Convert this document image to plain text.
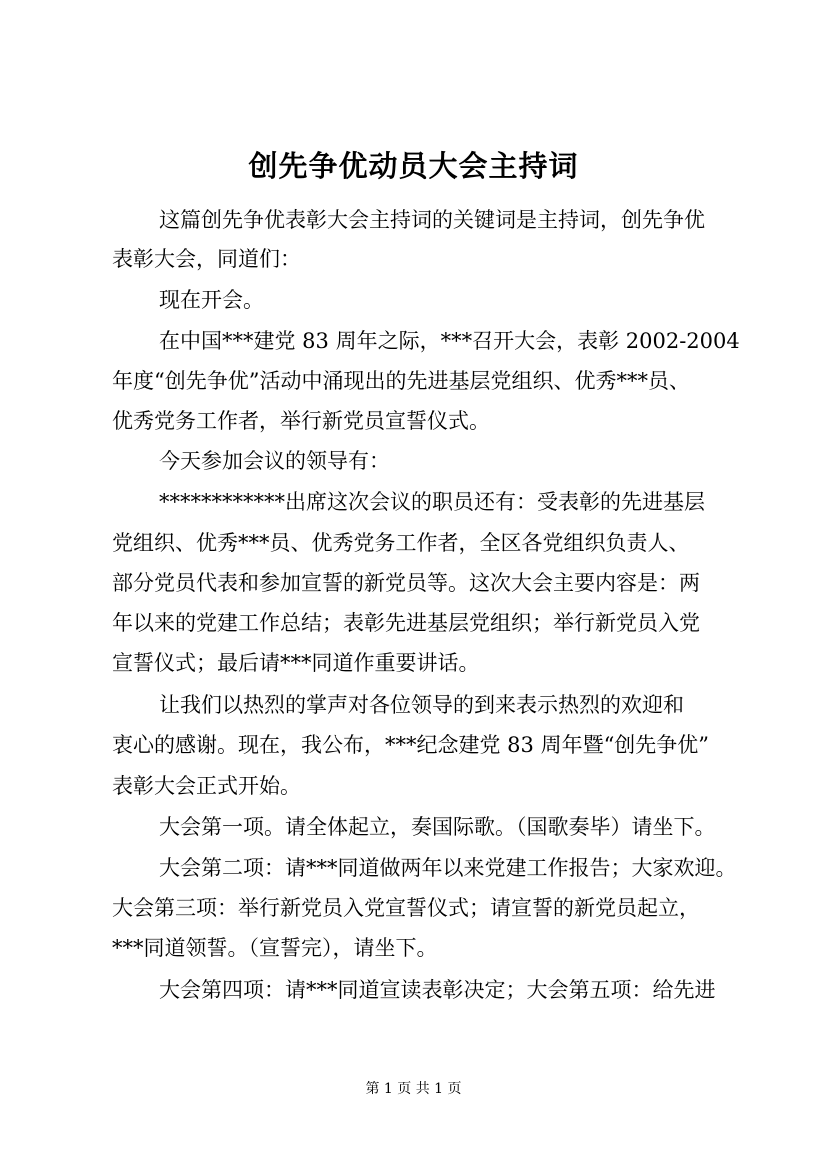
创先争优动员大会主持词
这篇创先争优表彰大会主持词的关键词是主持词，创先争优
表彰大会，同道们：
现在开会。
在中国***建党 83 周年之际，***召开大会，表彰 2002-2004
年度“创先争优”活动中涌现出的先进基层党组织、优秀***员、
优秀党务工作者，举行新党员宣誓仪式。
今天参加会议的领导有：
************出席这次会议的职员还有：受表彰的先进基层
党组织、优秀***员、优秀党务工作者，全区各党组织负责人、
部分党员代表和参加宣誓的新党员等。这次大会主要内容是：两
年以来的党建工作总结；表彰先进基层党组织；举行新党员入党
宣誓仪式；最后请***同道作重要讲话。
让我们以热烈的掌声对各位领导的到来表示热烈的欢迎和
衷心的感谢。现在，我公布，***纪念建党 83 周年暨“创先争优”
表彰大会正式开始。
大会第一项。请全体起立，奏国际歌。（国歌奏毕）请坐下。
大会第二项：请***同道做两年以来党建工作报告；大家欢迎。
大会第三项：举行新党员入党宣誓仪式；请宣誓的新党员起立，
***同道领誓。（宣誓完），请坐下。
大会第四项：请***同道宣读表彰决定；大会第五项：给先进
第 1 页 共 1 页
